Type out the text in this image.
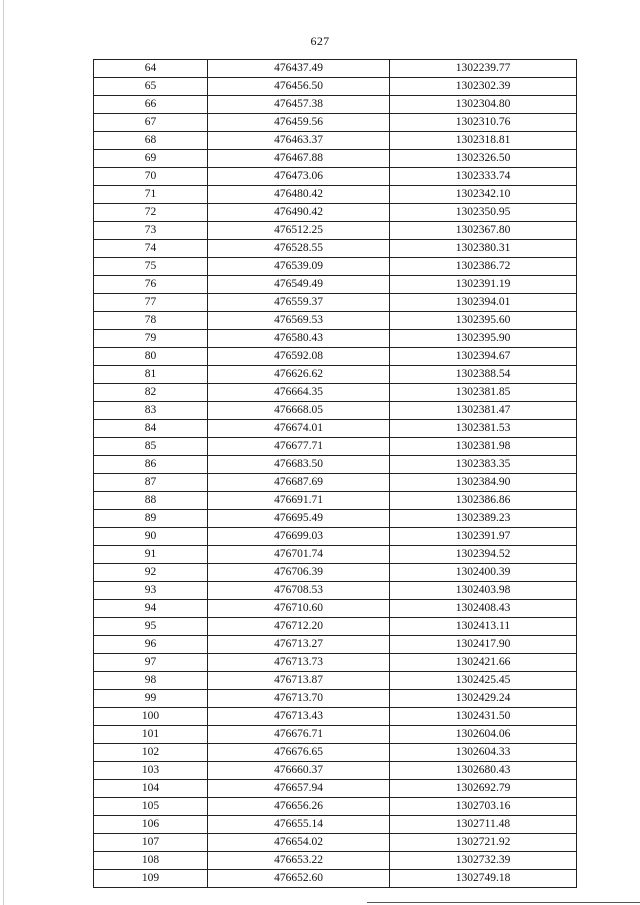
627
64	476437.49	1302239.77
65	476456.50	1302302.39
66	476457.38	1302304.80
67	476459.56	1302310.76
68	476463.37	1302318.81
69	476467.88	1302326.50
70	476473.06	1302333.74
71	476480.42	1302342.10
72	476490.42	1302350.95
73	476512.25	1302367.80
74	476528.55	1302380.31
75	476539.09	1302386.72
76	476549.49	1302391.19
77	476559.37	1302394.01
78	476569.53	1302395.60
79	476580.43	1302395.90
80	476592.08	1302394.67
81	476626.62	1302388.54
82	476664.35	1302381.85
83	476668.05	1302381.47
84	476674.01	1302381.53
85	476677.71	1302381.98
86	476683.50	1302383.35
87	476687.69	1302384.90
88	476691.71	1302386.86
89	476695.49	1302389.23
90	476699.03	1302391.97
91	476701.74	1302394.52
92	476706.39	1302400.39
93	476708.53	1302403.98
94	476710.60	1302408.43
95	476712.20	1302413.11
96	476713.27	1302417.90
97	476713.73	1302421.66
98	476713.87	1302425.45
99	476713.70	1302429.24
100	476713.43	1302431.50
101	476676.71	1302604.06
102	476676.65	1302604.33
103	476660.37	1302680.43
104	476657.94	1302692.79
105	476656.26	1302703.16
106	476655.14	1302711.48
107	476654.02	1302721.92
108	476653.22	1302732.39
109	476652.60	1302749.18
